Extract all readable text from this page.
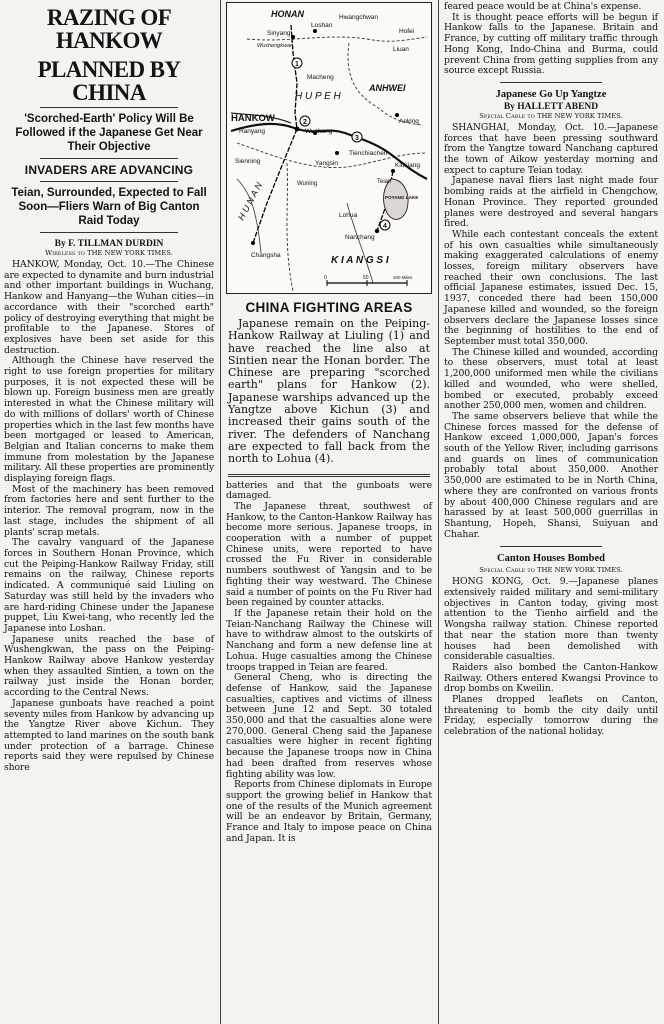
RAZING OF HANKOW
PLANNED BY CHINA
'Scorched-Earth' Policy Will Be Followed if the Japanese Get Near Their Objective
INVADERS ARE ADVANCING
Teian, Surrounded, Expected to Fall Soon—Fliers Warn of Big Canton Raid Today
By F. TILLMAN DURDIN
Wireless to THE NEW YORK TIMES.
HANKOW, Monday, Oct. 10.—The Chinese are expected to dynamite and burn industrial and other important buildings in Wuchang, Hankow and Hanyang—the Wuhan cities—in accordance with their "scorched earth" policy of destroying everything that might be profitable to the Japanese. Stores of explosives have been set aside for this destruction.
Although the Chinese have reserved the right to use foreign properties for military purposes, it is not expected these will be blown up. Foreign business men are greatly interested in what the Chinese military will do with millions of dollars' worth of Chinese properties which in the last few months have been mortgaged or leased to American, Belgian and Italian concerns to make them immune from molestation by the Japanese military. All these properties are prominently displaying foreign flags.
Most of the machinery has been removed from factories here and sent further to the interior. The removal program, now in the last stage, includes the shipment of all plants' scrap metals.
The cavalry vanguard of the Japanese forces in Southern Honan Province, which cut the Peiping-Hankow Railway Friday, still remains on the railway, Chinese reports indicated. A communiqué said Liuling on Saturday was still held by the invaders who are hard-riding Chinese under the Japanese puppet, Liu Kwei-tang, who recently led the Japanese into Loshan.
Japanese units reached the base of Wushengkwan, the pass on the Peiping-Hankow Railway above Hankow yesterday when they assaulted Sintien, a town on the railway just inside the Honan border, according to the Central News.
Japanese gunboats have reached a point seventy miles from Hankow by advancing up the Yangtze River above Kichun. They attempted to land marines on the south bank under protection of a barrage. Chinese reports said they were repulsed by Chinese shore
1
2
3
4
HONAN
Sinyang
Loshan
Hwangchwan
Hofei
Liuan
Wushengkwan
H U P E H
ANHWEI
Macheng
HANKOW
Hanyang	Wuchang
Anking
Tienchiachen
Sienning
Kiukiang
Yangsin
Wuning	Teian
POYANG LAKE
Lohua
Nanchang
H U N A N
K I A N G S I
Changsha
0	50	100 Miles
CHINA FIGHTING AREAS
Japanese remain on the Peiping-Hankow Railway at Liuling (1) and have reached the line also at Sintien near the Honan border. The Chinese are preparing "scorched earth" plans for Hankow (2). Japanese warships advanced up the Yangtze above Kichun (3) and increased their gains south of the river. The defenders of Nanchang are expected to fall back from the north to Lohua (4).
batteries and that the gunboats were damaged.
The Japanese threat, southwest of Hankow, to the Canton-Hankow Railway has become more serious. Japanese troops, in cooperation with a number of puppet Chinese units, were reported to have crossed the Fu River in considerable numbers southwest of Yangsin and to be fighting their way westward. The Chinese said a number of points on the Fu River had been regained by counter attacks.
If the Japanese retain their hold on the Teian-Nanchang Railway the Chinese will have to withdraw almost to the outskirts of Nanchang and form a new defense line at Lohua. Huge casualties among the Chinese troops trapped in Teian are feared.
General Cheng, who is directing the defense of Hankow, said the Japanese casualties, captives and victims of illness between June 12 and Sept. 30 totaled 350,000 and that the casualties alone were 270,000. General Cheng said the Japanese casualties were higher in recent fighting because the Japanese troops now in China had been drafted from reserves whose fighting ability was low.
Reports from Chinese diplomats in Europe support the growing belief in Hankow that one of the results of the Munich agreement will be an endeavor by Britain, Germany, France and Italy to impose peace on China and Japan. It is
feared peace would be at China's expense.
It is thought peace efforts will be begun if Hankow falls to the Japanese. Britain and France, by cutting off military traffic through Hong Kong, Indo-China and Burma, could prevent China from getting supplies from any source except Russia.
Japanese Go Up Yangtze
By HALLETT ABEND
Special Cable to THE NEW YORK TIMES.
SHANGHAI, Monday, Oct. 10.—Japanese forces that have been pressing southward from the Yangtze toward Nanchang captured the town of Aikow yesterday morning and expect to capture Teian today.
Japanese naval fliers last night made four bombing raids at the airfield in Chengchow, Honan Province. They reported grounded planes were destroyed and several hangars fired.
While each contestant conceals the extent of his own casualties while simultaneously making exaggerated calculations of enemy losses, foreign military observers have reached their own conclusions. The last official Japanese estimates, issued Dec. 15, 1937, conceded there had been 150,000 Japanese killed and wounded, so the foreign observers declare the Japanese losses since the beginning of hostilities to the end of September must total 350,000.
The Chinese killed and wounded, according to these observers, must total at least 1,200,000 uniformed men while the civilians killed and wounded, who were shelled, bombed or executed, probably exceed another 250,000 men, women and children.
The same observers believe that while the Chinese forces massed for the defense of Hankow exceed 1,000,000, Japan's forces south of the Yellow River, including garrisons and guards on lines of communication probably total about 350,000. Another 350,000 are estimated to be in North China, where they are confronted on various fronts by about 400,000 Chinese regulars and are harassed by at least 500,000 guerrillas in Shantung, Hopeh, Shansi, Suiyuan and Chahar.
Canton Houses Bombed
Special Cable to THE NEW YORK TIMES.
HONG KONG, Oct. 9.—Japanese planes extensively raided military and semi-military objectives in Canton today, giving most attention to the Tienho airfield and the Wongsha railway station. Chinese reported that near the station more than twenty houses had been demolished with considerable casualties.
Raiders also bombed the Canton-Hankow Railway. Others entered Kwangsi Province to drop bombs on Kweilin.
Planes dropped leaflets on Canton, threatening to bomb the city daily until Friday, especially tomorrow during the celebration of the national holiday.
